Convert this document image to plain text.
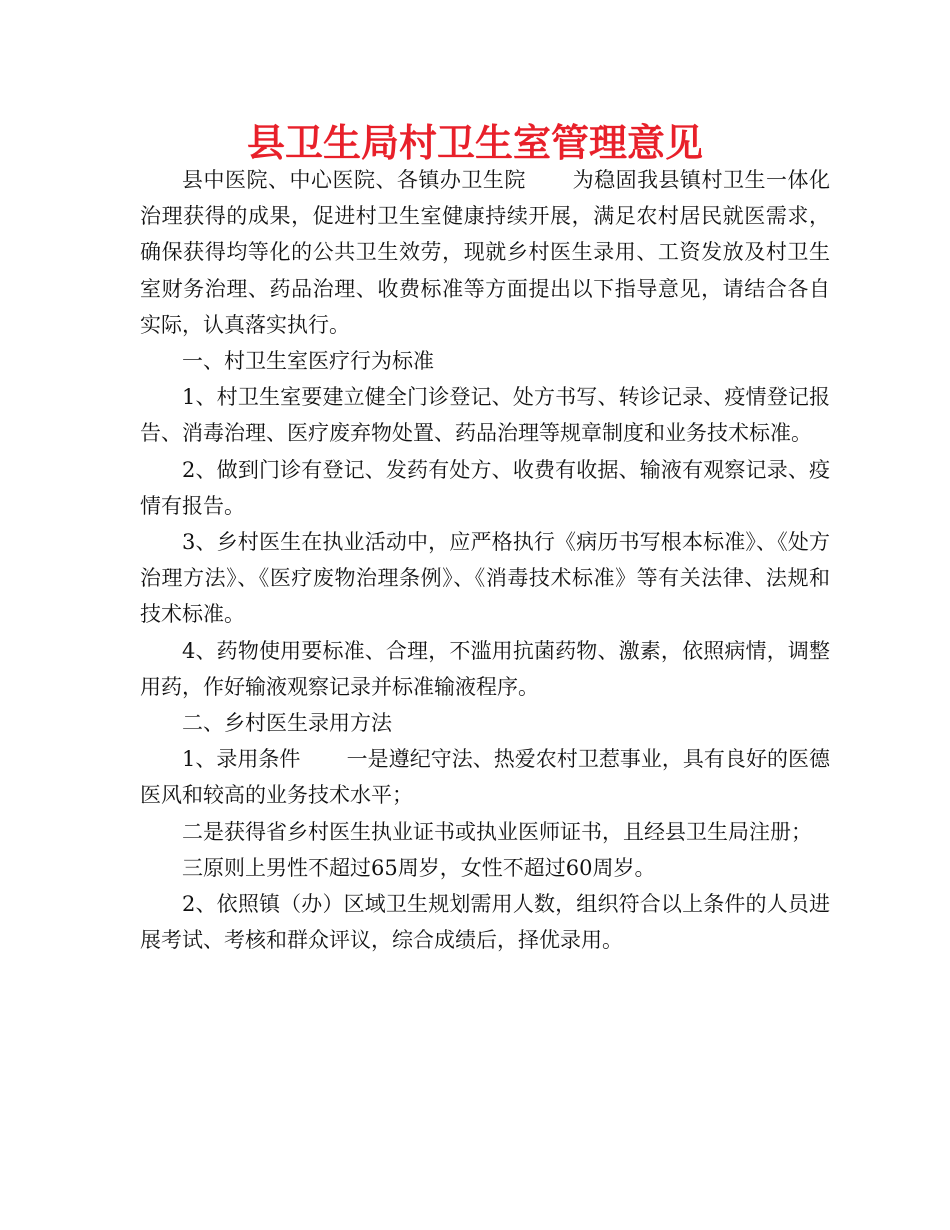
县卫生局村卫生室管理意见

县中医院、中心医院、各镇办卫生院 为稳固我县镇村卫生一体化治理获得的成果，促进村卫生室健康持续开展，满足农村居民就医需求，确保获得均等化的公共卫生效劳，现就乡村医生录用、工资发放及村卫生室财务治理、药品治理、收费标准等方面提出以下指导意见，请结合各自实际，认真落实执行。

一、村卫生室医疗行为标准

1、村卫生室要建立健全门诊登记、处方书写、转诊记录、疫情登记报告、消毒治理、医疗废弃物处置、药品治理等规章制度和业务技术标准。

2、做到门诊有登记、发药有处方、收费有收据、输液有观察记录、疫情有报告。

3、乡村医生在执业活动中，应严格执行《病历书写根本标准》、《处方治理方法》、《医疗废物治理条例》、《消毒技术标准》等有关法律、法规和技术标准。

4、药物使用要标准、合理，不滥用抗菌药物、激素，依照病情，调整用药，作好输液观察记录并标准输液程序。

二、乡村医生录用方法

1、录用条件 一是遵纪守法、热爱农村卫惹事业，具有良好的医德医风和较高的业务技术水平；

二是获得省乡村医生执业证书或执业医师证书，且经县卫生局注册；

三原则上男性不超过65周岁，女性不超过60周岁。

2、依照镇（办）区域卫生规划需用人数，组织符合以上条件的人员进展考试、考核和群众评议，综合成绩后，择优录用。
